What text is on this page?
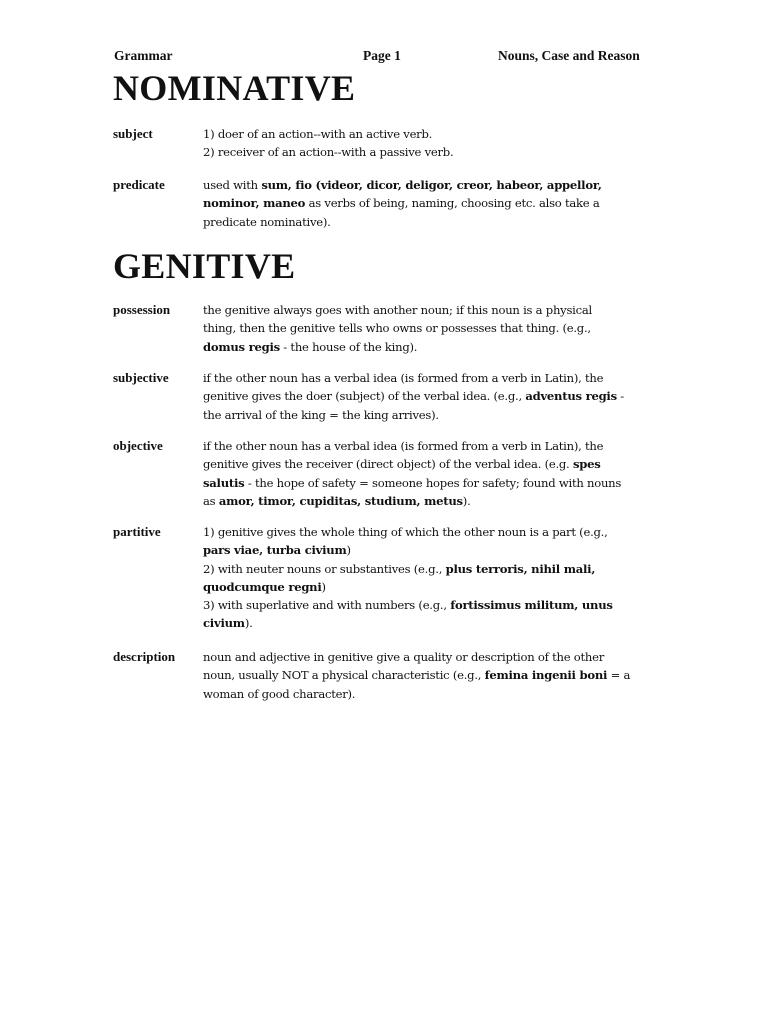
Grammar	Page 1	Nouns, Case and Reason
NOMINATIVE
subject	1) doer of an action--with an active verb.
2) receiver of an action--with a passive verb.
predicate	used with sum, fio (videor, dicor, deligor, creor, habeor, appellor,
nominor, maneo as verbs of being, naming, choosing etc. also take a
predicate nominative).
GENITIVE
possession	the genitive always goes with another noun; if this noun is a physical
thing, then the genitive tells who owns or possesses that thing. (e.g.,
domus regis - the house of the king).
subjective	if the other noun has a verbal idea (is formed from a verb in Latin), the
genitive gives the doer (subject) of the verbal idea. (e.g., adventus regis -
the arrival of the king = the king arrives).
objective	if the other noun has a verbal idea (is formed from a verb in Latin), the
genitive gives the receiver (direct object) of the verbal idea. (e.g. spes
salutis - the hope of safety = someone hopes for safety; found with nouns
as amor, timor, cupiditas, studium, metus).
partitive	1) genitive gives the whole thing of which the other noun is a part (e.g.,
pars viae, turba civium)
2) with neuter nouns or substantives (e.g., plus terroris, nihil mali,
quodcumque regni)
3) with superlative and with numbers (e.g., fortissimus militum, unus
civium).
description noun and adjective in genitive give a quality or description of the other
noun, usually NOT a physical characteristic (e.g., femina ingenii boni = a
woman of good character).
